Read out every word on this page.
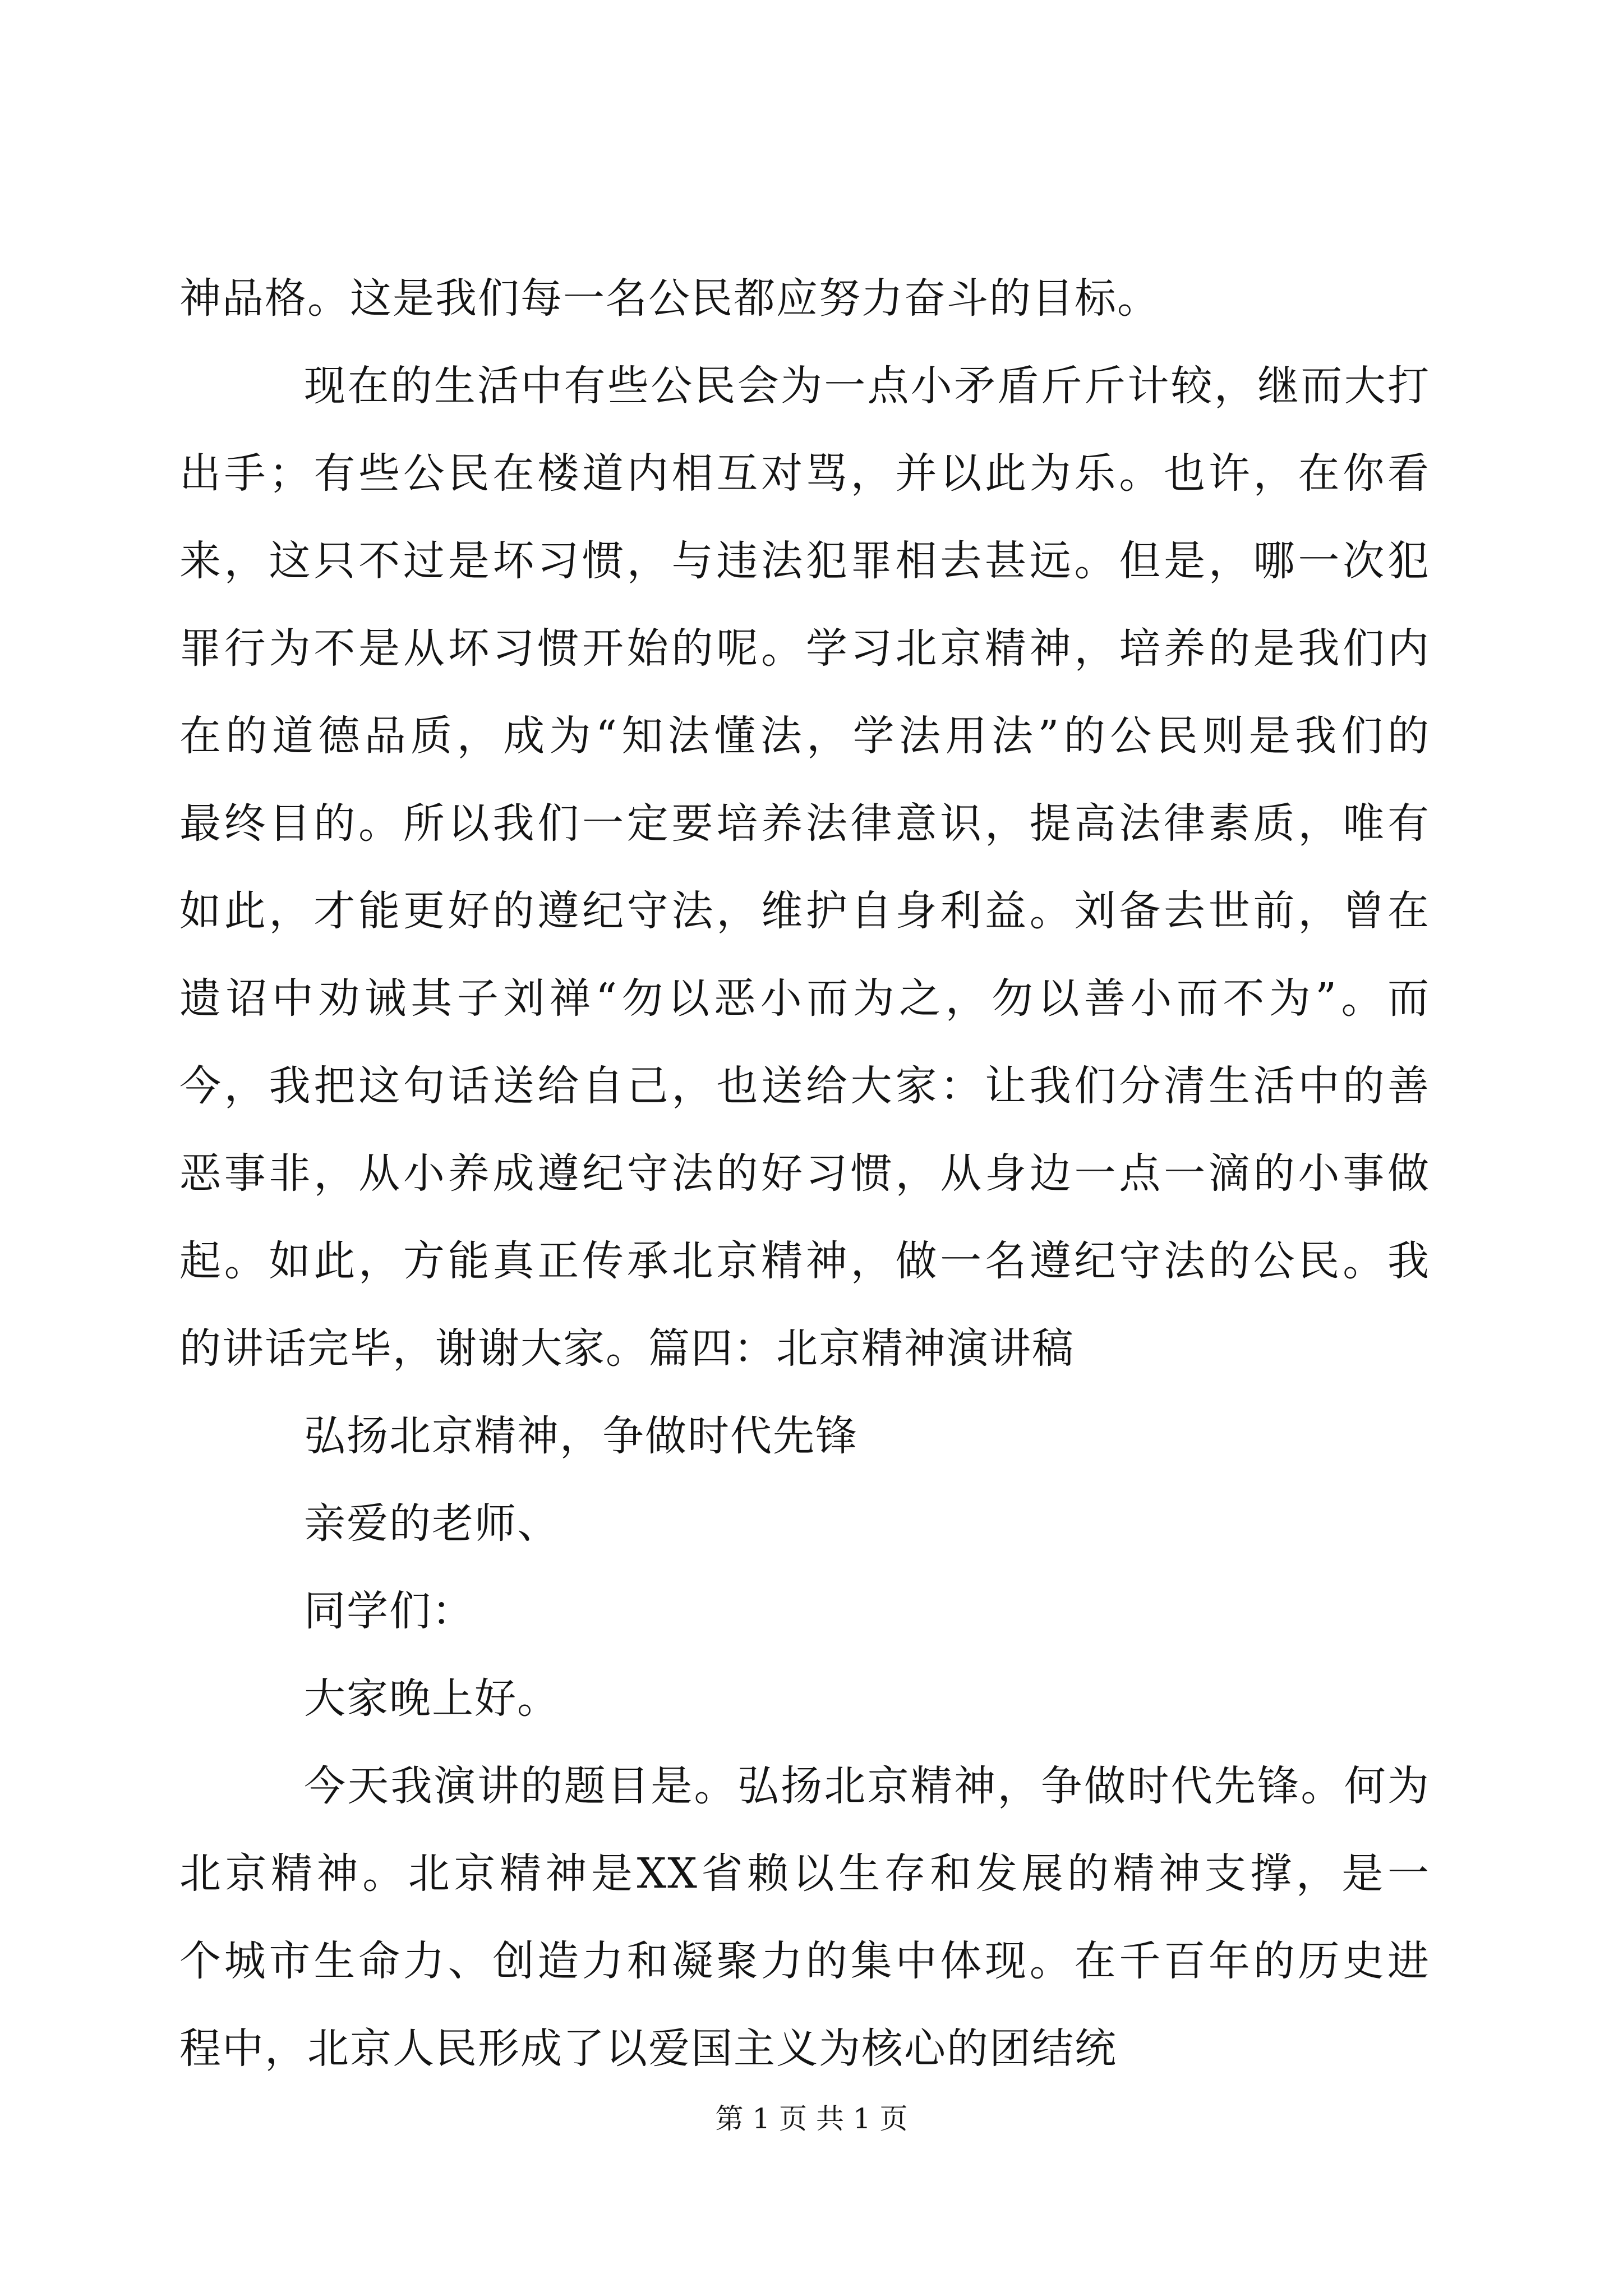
神品格。这是我们每一名公民都应努力奋斗的目标。
现在的生活中有些公民会为一点小矛盾斤斤计较，继而大打
出手；有些公民在楼道内相互对骂，并以此为乐。也许，在你看
来，这只不过是坏习惯，与违法犯罪相去甚远。但是，哪一次犯
罪行为不是从坏习惯开始的呢。学习北京精神，培养的是我们内
在的道德品质，成为“知法懂法，学法用法”的公民则是我们的
最终目的。所以我们一定要培养法律意识，提高法律素质，唯有
如此，才能更好的遵纪守法，维护自身利益。刘备去世前，曾在
遗诏中劝诫其子刘禅“勿以恶小而为之，勿以善小而不为”。而
今，我把这句话送给自己，也送给大家：让我们分清生活中的善
恶事非，从小养成遵纪守法的好习惯，从身边一点一滴的小事做
起。如此，方能真正传承北京精神，做一名遵纪守法的公民。我
的讲话完毕，谢谢大家。篇四：北京精神演讲稿
弘扬北京精神，争做时代先锋
亲爱的老师、
同学们：
大家晚上好。
今天我演讲的题目是。弘扬北京精神，争做时代先锋。何为
北京精神。北京精神是XX省赖以生存和发展的精神支撑，是一
个城市生命力、创造力和凝聚力的集中体现。在千百年的历史进
程中，北京人民形成了以爱国主义为核心的团结统
第 1 页 共 1 页
